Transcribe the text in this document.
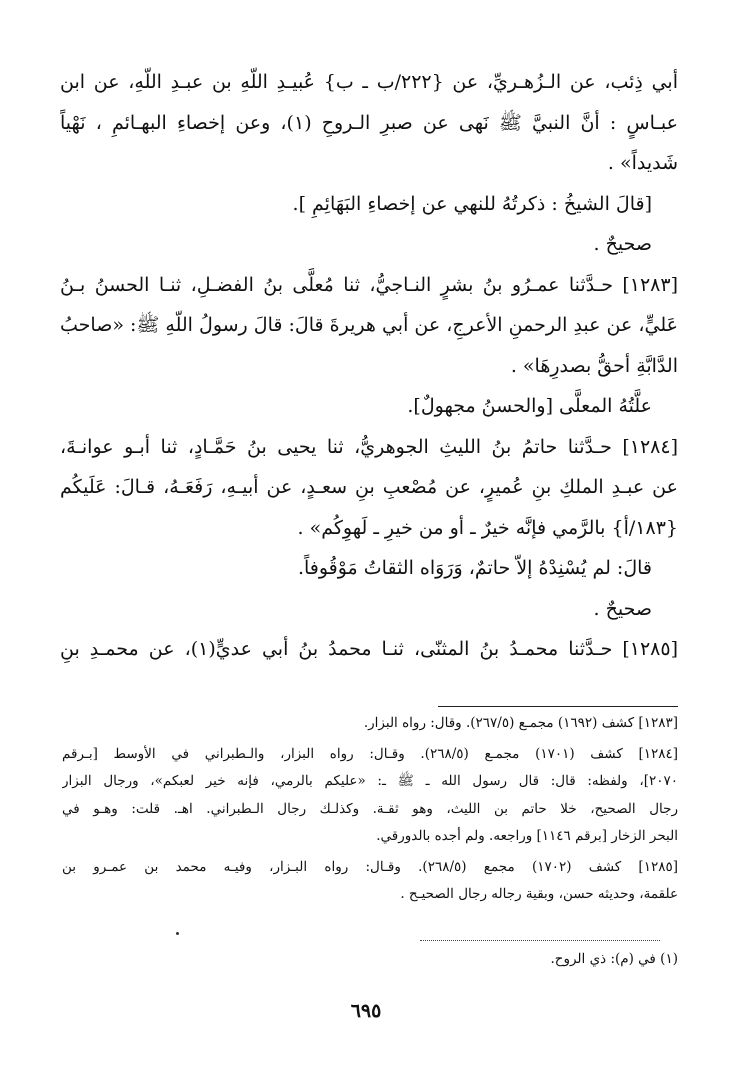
أبي ذِئب، عن الـزُهـريِّ، عن {٢٢٢/ب ـ ب} عُبيـدِ اللّهِ بن عبـدِ اللّهِ، عن ابن
عبـاسٍ : أنَّ النبيَّ ﷺ نَهى عن صبرِ الـروحِ (١)، وعن إخصاءِ البهـائمِ ، نَهْياً
شَديداً» .
[قالَ الشيخُ : ذكرتُهُ للنهي عن إخصاءِ البَهَائِمِ ].
صحيحٌ .
[١٢٨٣] حـدَّثنا عمـرُو بنُ بشرٍ النـاجيُّ، ثنا مُعلَّى بنُ الفضـلِ، ثنـا الحسنُ بـنُ
عَليٍّ، عن عبدِ الرحمنِ الأعرجِ، عن أبي هريرةَ قالَ: قالَ رسولُ اللّهِ ﷺ: «صاحبُ
الدَّابَّةِ أحقُّ بصدرِهَا» .
علَّتُهُ المعلَّى [والحسنُ مجهولٌ].
[١٢٨٤] حـدَّثنا حاتمُ بنُ الليثِ الجوهريُّ، ثنا يحيى بنُ حَمَّـادٍ، ثنا أبـو عوانـةَ،
عن عبـدِ الملكِ بنِ عُميرٍ، عن مُصْعبِ بنِ سعـدٍ، عن أبيـهِ، رَفَعَـهُ، قـالَ: عَلَيكُم
{١٨٣/أ} بالرَّمي فإنَّه خيرٌ ـ أو من خيرِ ـ لَهوِكُم» .
قالَ: لم يُسْنِدْهُ إلاّ حاتمٌ، وَرَوَاه الثقاتُ مَوْقُوفاً.
صحيحٌ .
[١٢٨٥] حـدَّثنا محمـدُ بنُ المثنّى، ثنـا محمدُ بنُ أبي عديٍّ(١)، عن محمـدِ بنِ
[١٢٨٣] كشف (١٦٩٢) مجمـع (٢٦٧/٥). وقال: رواه البزار.
[١٢٨٤] كشف (١٧٠١) مجمـع (٢٦٨/٥). وقـال: رواه البزار، والـطبراني في الأوسط [بـرقم
٢٠٧٠]، ولفظه: قال: قال رسول الله ـ ﷺ ـ: «عليكم بالرمي، فإنه خير لعبكم»، ورجال البزار
رجال الصحيح، خلا حاتم بن الليث، وهو ثقـة. وكذلـك رجال الـطبراني. اهـ. قلت: وهـو في
البحر الزخار [برقم ١١٤٦] وراجعه. ولم أجده بالدورقي.
[١٢٨٥] كشف (١٧٠٢) مجمع (٢٦٨/٥). وقـال: رواه البـزار، وفيـه محمد بن عمـرو بن
علقمة، وحديثه حسن، وبقية رجاله رجال الصحيـح .
(١) في (م): ذي الروح.
٦٩٥
